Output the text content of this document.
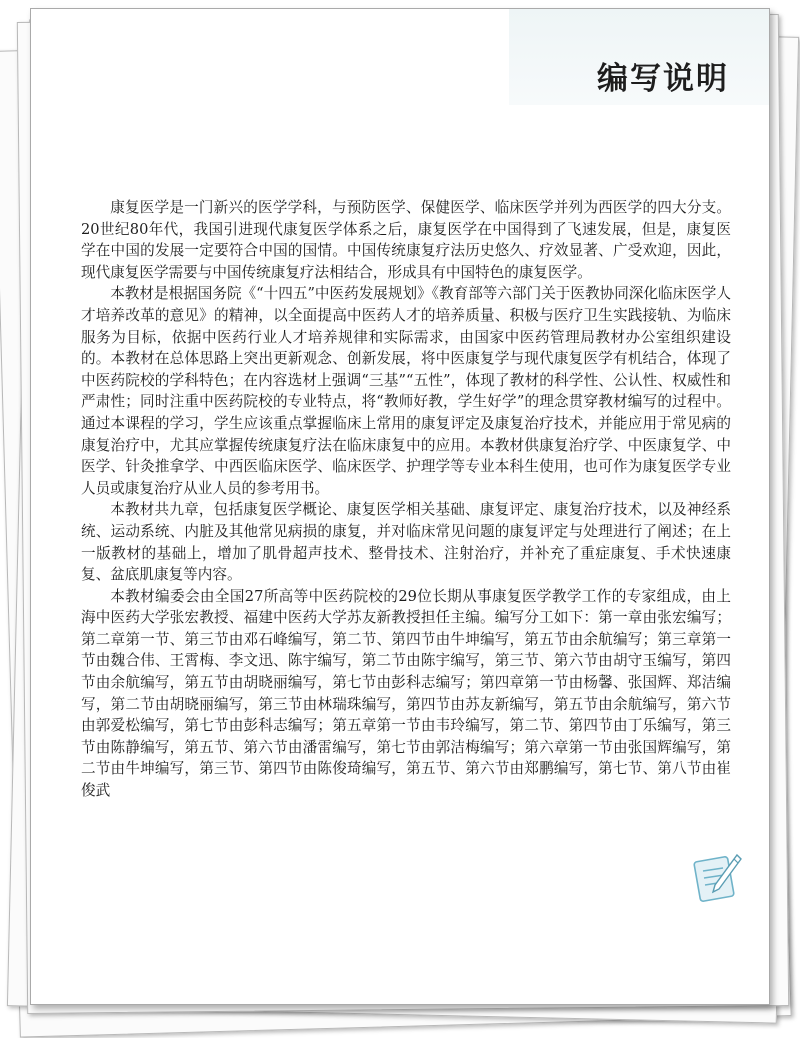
编写说明

康复医学是一门新兴的医学学科，与预防医学、保健医学、临床医学并列为西医学的四大分支。20世纪80年代，我国引进现代康复医学体系之后，康复医学在中国得到了飞速发展，但是，康复医学在中国的发展一定要符合中国的国情。中国传统康复疗法历史悠久、疗效显著、广受欢迎，因此，现代康复医学需要与中国传统康复疗法相结合，形成具有中国特色的康复医学。

本教材是根据国务院《“十四五”中医药发展规划》《教育部等六部门关于医教协同深化临床医学人才培养改革的意见》的精神，以全面提高中医药人才的培养质量、积极与医疗卫生实践接轨、为临床服务为目标，依据中医药行业人才培养规律和实际需求，由国家中医药管理局教材办公室组织建设的。本教材在总体思路上突出更新观念、创新发展，将中医康复学与现代康复医学有机结合，体现了中医药院校的学科特色；在内容选材上强调“三基”“五性”，体现了教材的科学性、公认性、权威性和严肃性；同时注重中医药院校的专业特点，将“教师好教，学生好学”的理念贯穿教材编写的过程中。通过本课程的学习，学生应该重点掌握临床上常用的康复评定及康复治疗技术，并能应用于常见病的康复治疗中，尤其应掌握传统康复疗法在临床康复中的应用。本教材供康复治疗学、中医康复学、中医学、针灸推拿学、中西医临床医学、临床医学、护理学等专业本科生使用，也可作为康复医学专业人员或康复治疗从业人员的参考用书。

本教材共九章，包括康复医学概论、康复医学相关基础、康复评定、康复治疗技术，以及神经系统、运动系统、内脏及其他常见病损的康复，并对临床常见问题的康复评定与处理进行了阐述；在上一版教材的基础上，增加了肌骨超声技术、整骨技术、注射治疗，并补充了重症康复、手术快速康复、盆底肌康复等内容。

本教材编委会由全国27所高等中医药院校的29位长期从事康复医学教学工作的专家组成，由上海中医药大学张宏教授、福建中医药大学苏友新教授担任主编。编写分工如下：第一章由张宏编写；第二章第一节、第三节由邓石峰编写，第二节、第四节由牛坤编写，第五节由余航编写；第三章第一节由魏合伟、王霄梅、李文迅、陈宇编写，第二节由陈宇编写，第三节、第六节由胡守玉编写，第四节由余航编写，第五节由胡晓丽编写，第七节由彭科志编写；第四章第一节由杨馨、张国辉、郑洁编写，第二节由胡晓丽编写，第三节由林瑞珠编写，第四节由苏友新编写，第五节由余航编写，第六节由郭爱松编写，第七节由彭科志编写；第五章第一节由韦玲编写，第二节、第四节由丁乐编写，第三节由陈静编写，第五节、第六节由潘雷编写，第七节由郭洁梅编写；第六章第一节由张国辉编写，第二节由牛坤编写，第三节、第四节由陈俊琦编写，第五节、第六节由郑鹏编写，第七节、第八节由崔俊武
